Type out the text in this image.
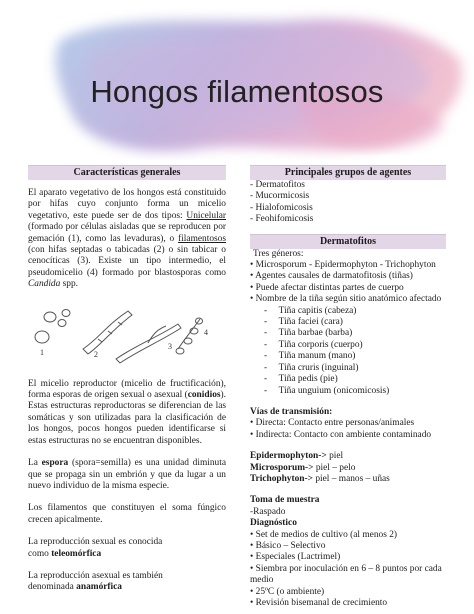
Hongos filamentosos
Características generales

El aparato vegetativo de los hongos está constituido por hifas cuyo conjunto forma un micelio vegetativo, este puede ser de dos tipos: Unicelular (formado por células aisladas que se reproducen por gemación (1), como las levaduras), o filamentosos (con hifas septadas o tabicadas (2) o sin tabicar o cenocíticas (3). Existe un tipo intermedio, el pseudomicelio (4) formado por blastosporas como Candida spp.

1	2
3
4

El micelio reproductor (micelio de fructificación), forma esporas de origen sexual o asexual (conidios). Estas estructuras reproductoras se diferencian de las somáticas y son utilizadas para la clasificación de los hongos, pocos hongos pueden identificarse si estas estructuras no se encuentran disponibles.

La espora (spora=semilla) es una unidad diminuta que se propaga sin un embrión y que da lugar a un nuevo individuo de la misma especie.

Los filamentos que constituyen el soma fúngico crecen apicalmente.

La reproducción sexual es conocida
como teleomórfica

La reproducción asexual es también
denominada anamórfica

Principales grupos de agentes
- Dermatofitos
- Mucormicosis
- Hialofomicosis
- Feohifomicosis
Dermatofitos

Tres géneros:

• Microsporum - Epidermophyton - Trichophyton
• Agentes causales de darmatofitosis (tiñas)
• Puede afectar distintas partes de cuerpo
• Nombre de la tiña según sitio anatómico afectado
-     Tiña capitis (cabeza)
-     Tiña faciei (cara)
-     Tiña barbae (barba)
-     Tiña corporis (cuerpo)
-     Tiña manum (mano)
-     Tiña cruris (inguinal)
-     Tiña pedis (pie)
-     Tiña unguium (onicomicosis)

Vías de transmisión:

• Directa: Contacto entre personas/animales
• Indirecta: Contacto con ambiente contaminado

Epidermophyton-> piel

Microsporum-> piel – pelo

Trichophyton-> piel – manos – uñas

Toma de muestra

-Raspado

Diagnóstico

• Set de medios de cultivo (al menos 2)
• Básico – Selectivo
• Especiales (Lactrimel)
• Siembra por inoculación en 6 – 8 puntos por cada medio
• 25ºC (o ambiente)
• Revisión bisemanal de crecimiento
